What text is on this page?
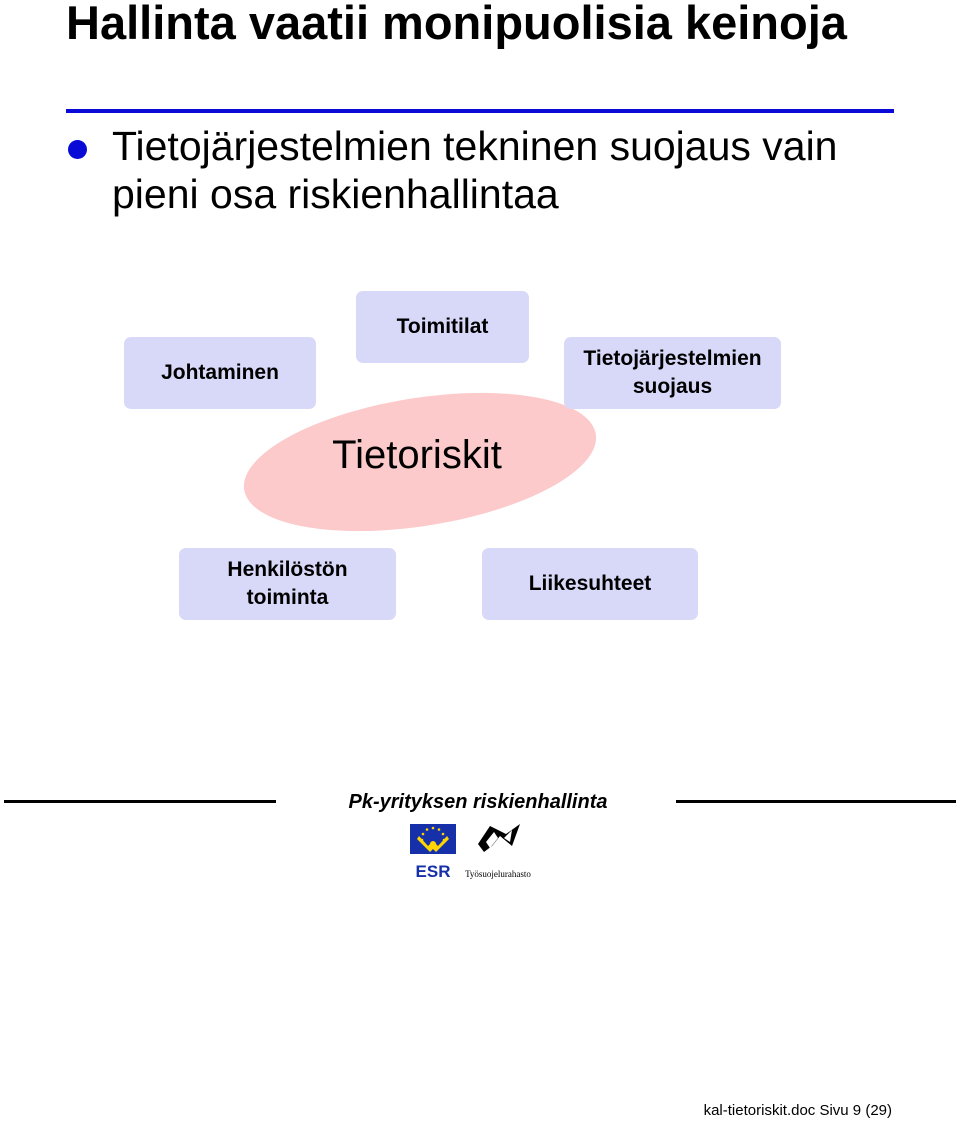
Hallinta vaatii monipuolisia keinoja
Tietojärjestelmien tekninen suojaus vain pieni osa riskienhallintaa
Tietoriskit
Johtaminen
Toimitilat
Tietojärjestelmien
suojaus
Henkilöstön
toiminta
Liikesuhteet
Pk-yrityksen riskienhallinta
ESR Työsuojelurahasto
kal-tietoriskit.doc Sivu 9 (29)
